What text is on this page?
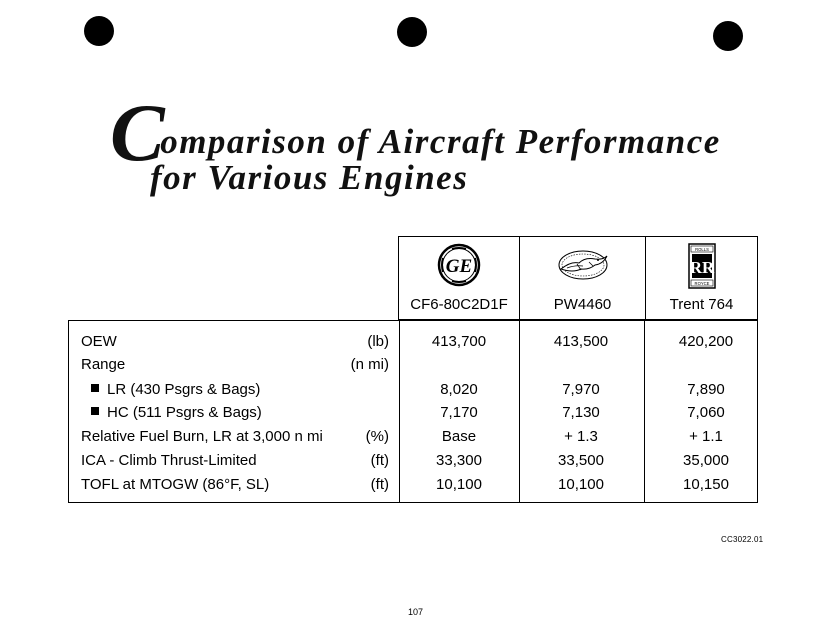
Comparison of Aircraft Performance
for Various Engines
GE
CF6-80C2D1F	PW4460
RR
ROLLS
ROYCE
Trent 764
OEW	(lb)	413,700	413,500	420,200
Range	(n mi)
LR (430 Psgrs & Bags)	8,020	7,970	7,890
HC (511 Psgrs & Bags)	7,170	7,130	7,060
Relative Fuel Burn, LR at 3,000 n mi	(%)	Base	+ 1.3	+ 1.1
ICA - Climb Thrust-Limited	(ft)	33,300	33,500	35,000
TOFL at MTOGW (86°F, SL)	(ft)	10,100	10,100	10,150
CC3022.01
107
